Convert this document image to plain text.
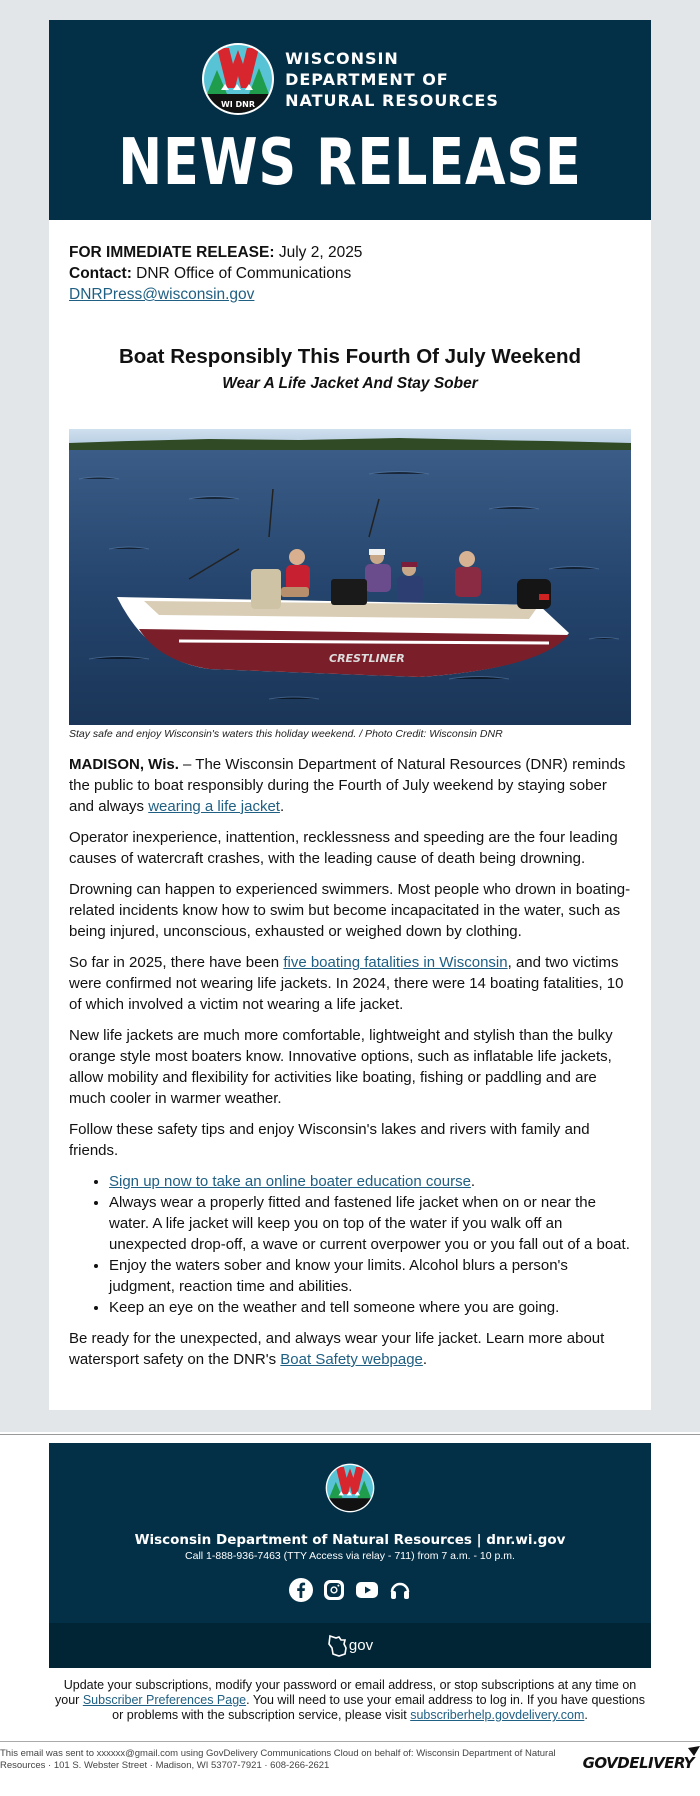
WI DNR
WISCONSIN
DEPARTMENT OF
NATURAL RESOURCES
NEWS RELEASE
FOR IMMEDIATE RELEASE: July 2, 2025
Contact: DNR Office of Communications
DNRPress@wisconsin.gov
Boat Responsibly This Fourth Of July Weekend
Wear A Life Jacket And Stay Sober
CRESTLINER
Stay safe and enjoy Wisconsin's waters this holiday weekend. / Photo Credit: Wisconsin DNR

MADISON, Wis. – The Wisconsin Department of Natural Resources (DNR) reminds the public to boat responsibly during the Fourth of July weekend by staying sober and always wearing a life jacket.

Operator inexperience, inattention, recklessness and speeding are the four leading causes of watercraft crashes, with the leading cause of death being drowning.

Drowning can happen to experienced swimmers. Most people who drown in boating-related incidents know how to swim but become incapacitated in the water, such as being injured, unconscious, exhausted or weighed down by clothing.

So far in 2025, there have been five boating fatalities in Wisconsin, and two victims were confirmed not wearing life jackets. In 2024, there were 14 boating fatalities, 10 of which involved a victim not wearing a life jacket.

New life jackets are much more comfortable, lightweight and stylish than the bulky orange style most boaters know. Innovative options, such as inflatable life jackets, allow mobility and flexibility for activities like boating, fishing or paddling and are much cooler in warmer weather.

Follow these safety tips and enjoy Wisconsin's lakes and rivers with family and friends.

• Sign up now to take an online boater education course.
• Always wear a properly fitted and fastened life jacket when on or near the water. A life jacket will keep you on top of the water if you walk off an unexpected drop-off, a wave or current overpower you or you fall out of a boat.
• Enjoy the waters sober and know your limits. Alcohol blurs a person's judgment, reaction time and abilities.
• Keep an eye on the weather and tell someone where you are going.

Be ready for the unexpected, and always wear your life jacket. Learn more about watersport safety on the DNR's Boat Safety webpage.

Wisconsin Department of Natural Resources | dnr.wi.gov
Call 1-888-936-7463 (TTY Access via relay - 711) from 7 a.m. - 10 p.m.
gov
Update your subscriptions, modify your password or email address, or stop subscriptions at any time on your Subscriber Preferences Page. You will need to use your email address to log in. If you have questions or problems with the subscription service, please visit subscriberhelp.govdelivery.com.
This email was sent to xxxxxx@gmail.com using GovDelivery Communications Cloud on behalf of: Wisconsin Department of Natural Resources · 101 S. Webster Street · Madison, WI 53707-7921 · 608-266-2621	GOVDELIVERY
